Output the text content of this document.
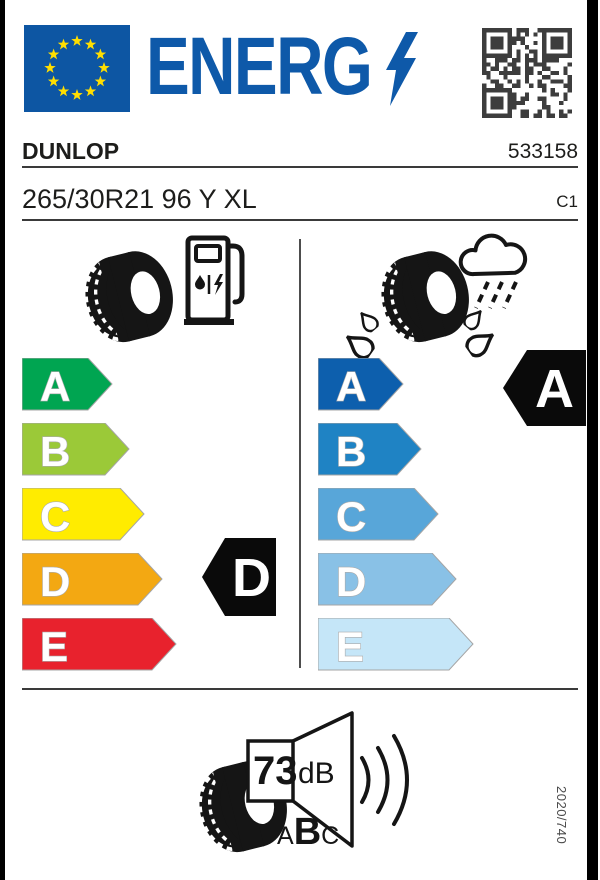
ENERG
DUNLOP	533158
265/30R21 96 Y XL	C1
A
B
C
D
E
D
A
B
C
D
E
A
73 dB
ABC	2020/740
